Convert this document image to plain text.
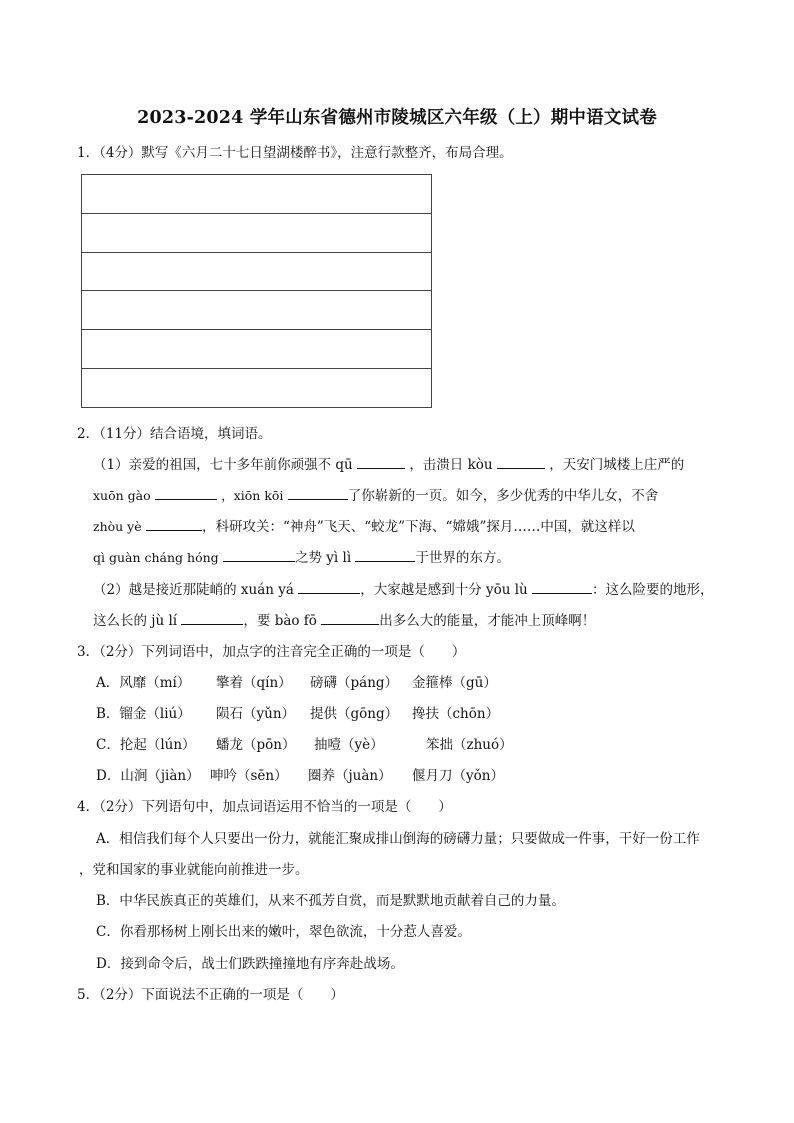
2023-2024 学年山东省德州市陵城区六年级（上）期中语文试卷
1．（4分）默写《六月二十七日望湖楼醉书》，注意行款整齐，布局合理。
2．（11分）结合语境，填词语。
（1）亲爱的祖国，七十多年前你顽强不 qū	，击溃日 kòu	，天安门城楼上庄严的
xuōn gào	，xiōn kōi	了你崭新的一页。如今，多少优秀的中华儿女，不舍
zhòu yè	，科研攻关：“神舟”飞天、“蛟龙”下海、“嫦娥”探月……中国，就这样以
qì guàn cháng hóng	之势 yì lì	于世界的东方。
（2）越是接近那陡峭的 xuán yá	，大家越是感到十分 yōu lù	：这么险要的地形，
这么长的 jù lí	，要 bào fō	出多么大的能量，才能冲上顶峰啊！
3．（2分）下列词语中，加点字的注音完全正确的一项是（　　）
A．风靡（mí） 擎着（qín） 磅礴（páng） 金箍棒（gū）
B．镏金（liú） 陨石（yǔn） 提供（gōng） 搀扶（chōn）
C．抡起（lún） 蟠龙（pōn） 抽噎（yè）	笨拙（zhuó）
D．山涧（jiàn） 呻吟（sēn） 圈养（juàn） 偃月刀（yǒn）
4．（2分）下列语句中，加点词语运用不恰当的一项是（　　）
A．相信我们每个人只要出一份力，就能汇聚成排山倒海的磅礴力量；只要做成一件事，干好一份工作
，党和国家的事业就能向前推进一步。
B．中华民族真正的英雄们，从来不孤芳自赏，而是默默地贡献着自己的力量。
C．你看那杨树上刚长出来的嫩叶，翠色欲流，十分惹人喜爱。
D．接到命令后，战士们跌跌撞撞地有序奔赴战场。
5．（2分）下面说法不正确的一项是（　　）
